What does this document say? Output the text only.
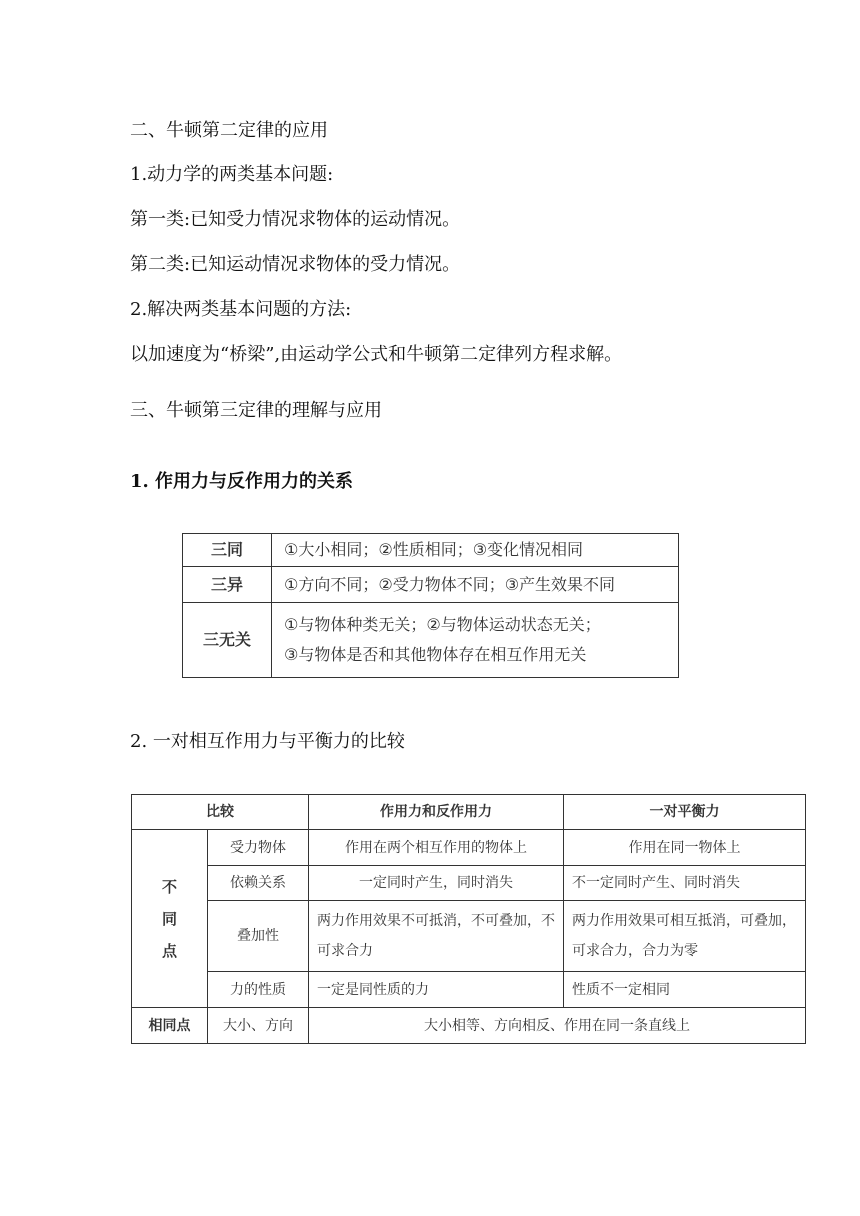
二、牛顿第二定律的应用
1.动力学的两类基本问题:
第一类:已知受力情况求物体的运动情况。
第二类:已知运动情况求物体的受力情况。
2.解决两类基本问题的方法:
以加速度为“桥梁”,由运动学公式和牛顿第二定律列方程求解。
三、牛顿第三定律的理解与应用
1. 作用力与反作用力的关系
三同	①大小相同；②性质相同；③变化情况相同
三异	①方向不同；②受力物体不同；③产生效果不同
三无关	①与物体种类无关；②与物体运动状态无关；
③与物体是否和其他物体存在相互作用无关
2. 一对相互作用力与平衡力的比较
比较		作用力和反作用力	一对平衡力

不
同
点	受力物体	作用在两个相互作用的物体上	作用在同一物体上
	依赖关系	一定同时产生，同时消失	不一定同时产生、同时消失
	叠加性	两力作用效果不可抵消，不可叠加，不可求合力	两力作用效果可相互抵消，可叠加，可求合力，合力为零
	力的性质	一定是同性质的力	性质不一定相同
相同点	大小、方向	大小相等、方向相反、作用在同一条直线上	
